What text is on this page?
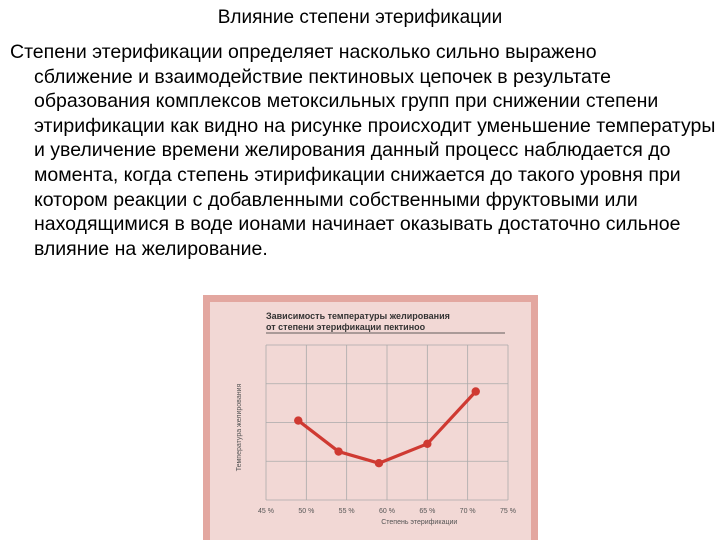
Влияние степени этерификации
Степени этерификации определяет насколько сильно выражено
сближение и взаимодействие пектиновых цепочек в результате образования комплексов метоксильных групп при снижении степени этирификации как видно на рисунке происходит уменьшение температуры и увеличение времени желирования данный процесс наблюдается до момента, когда степень этирификации снижается до такого уровня при котором реакции с добавленными собственными фруктовыми или находящимися в воде ионами начинает оказывать достаточно сильное влияние на желирование.
Зависимость температуры желирования
от степени этерификации пектиноо
Температура желирования
45 %	50 %	55 %	60 %	65 %	70 %	75 %
Степень этерификации
